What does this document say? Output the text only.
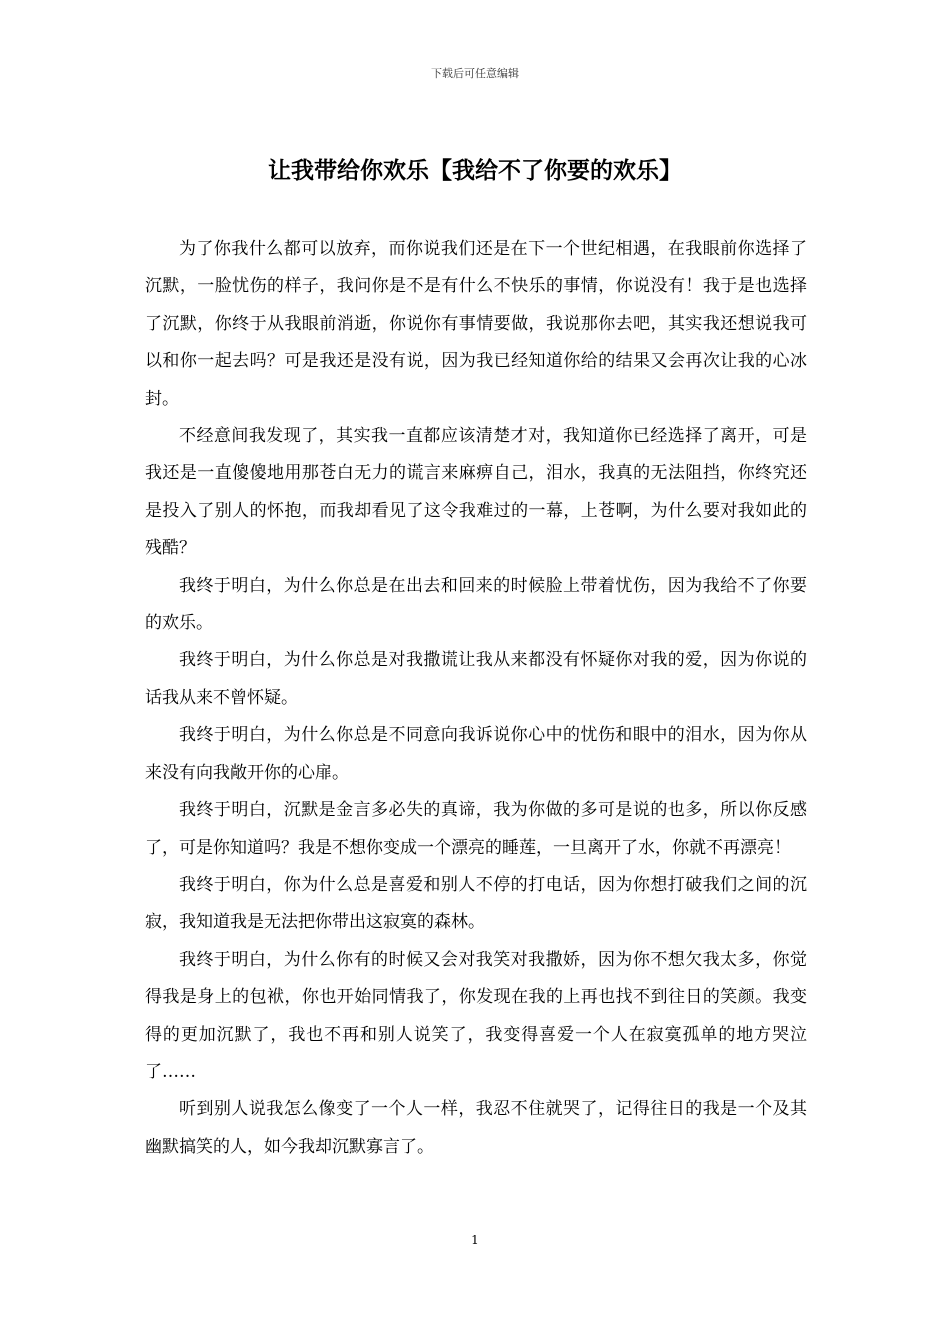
下载后可任意编辑
让我带给你欢乐【我给不了你要的欢乐】

为了你我什么都可以放弃，而你说我们还是在下一个世纪相遇，在我眼前你选择了沉默，一脸忧伤的样子，我问你是不是有什么不快乐的事情，你说没有！我于是也选择了沉默，你终于从我眼前消逝，你说你有事情要做，我说那你去吧，其实我还想说我可以和你一起去吗？可是我还是没有说，因为我已经知道你给的结果又会再次让我的心冰封。

不经意间我发现了，其实我一直都应该清楚才对，我知道你已经选择了离开，可是我还是一直傻傻地用那苍白无力的谎言来麻痹自己，泪水，我真的无法阻挡，你终究还是投入了别人的怀抱，而我却看见了这令我难过的一幕，上苍啊，为什么要对我如此的残酷？

我终于明白，为什么你总是在出去和回来的时候脸上带着忧伤，因为我给不了你要的欢乐。

我终于明白，为什么你总是对我撒谎让我从来都没有怀疑你对我的爱，因为你说的话我从来不曾怀疑。

我终于明白，为什么你总是不同意向我诉说你心中的忧伤和眼中的泪水，因为你从来没有向我敞开你的心扉。

我终于明白，沉默是金言多必失的真谛，我为你做的多可是说的也多，所以你反感了，可是你知道吗？我是不想你变成一个漂亮的睡莲，一旦离开了水，你就不再漂亮！

我终于明白，你为什么总是喜爱和别人不停的打电话，因为你想打破我们之间的沉寂，我知道我是无法把你带出这寂寞的森林。

我终于明白，为什么你有的时候又会对我笑对我撒娇，因为你不想欠我太多，你觉得我是身上的包袱，你也开始同情我了，你发现在我的上再也找不到往日的笑颜。我变得的更加沉默了，我也不再和别人说笑了，我变得喜爱一个人在寂寞孤单的地方哭泣了……

听到别人说我怎么像变了一个人一样，我忍不住就哭了，记得往日的我是一个及其幽默搞笑的人，如今我却沉默寡言了。

1
